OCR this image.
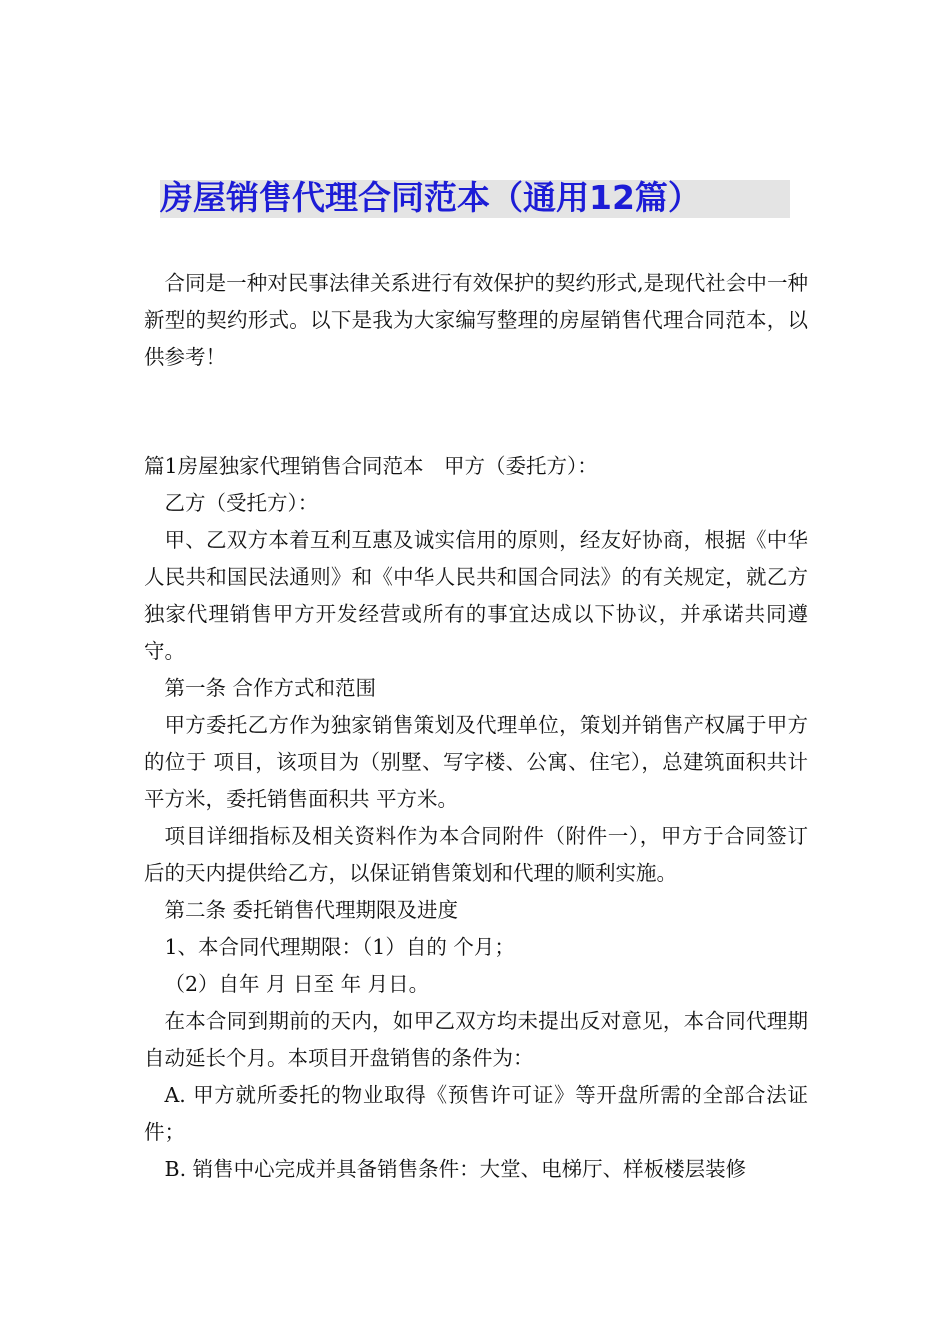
房屋销售代理合同范本（通用12篇）

合同是一种对民事法律关系进行有效保护的契约形式,是现代社会中一种新型的契约形式。以下是我为大家编写整理的房屋销售代理合同范本，以供参考！

篇1房屋独家代理销售合同范本　甲方（委托方）：

乙方（受托方）：

甲、乙双方本着互利互惠及诚实信用的原则，经友好协商，根据《中华人民共和国民法通则》和《中华人民共和国合同法》的有关规定，就乙方独家代理销售甲方开发经营或所有的事宜达成以下协议，并承诺共同遵守。

第一条 合作方式和范围

甲方委托乙方作为独家销售策划及代理单位，策划并销售产权属于甲方的位于 项目，该项目为（别墅、写字楼、公寓、住宅），总建筑面积共计平方米，委托销售面积共 平方米。

项目详细指标及相关资料作为本合同附件（附件一），甲方于合同签订后的天内提供给乙方，以保证销售策划和代理的顺利实施。

第二条 委托销售代理期限及进度

1、本合同代理期限：（1）自的 个月；

（2）自年 月 日至 年 月日。

在本合同到期前的天内，如甲乙双方均未提出反对意见，本合同代理期自动延长个月。本项目开盘销售的条件为：

A. 甲方就所委托的物业取得《预售许可证》等开盘所需的全部合法证件；

B. 销售中心完成并具备销售条件：大堂、电梯厅、样板楼层装修
